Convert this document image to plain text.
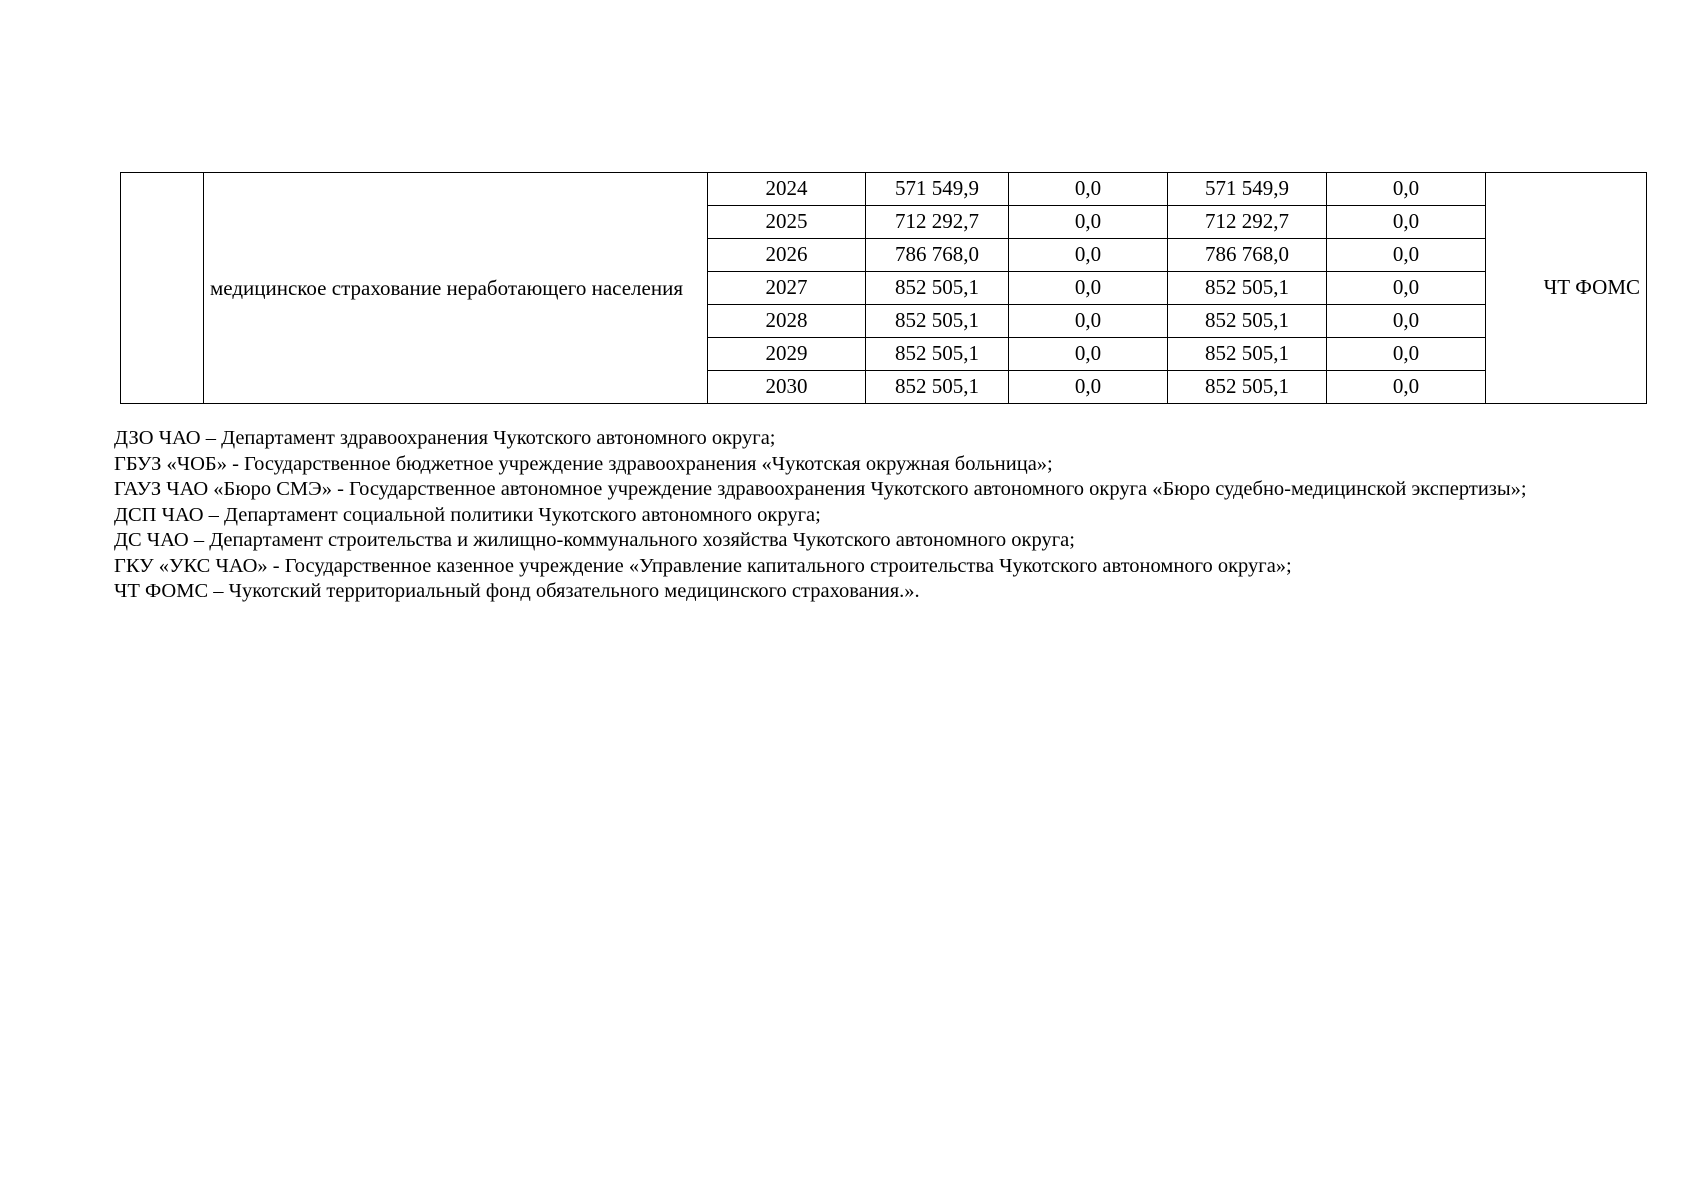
	медицинское страхование неработающего населения	2024	571 549,9	0,0	571 549,9	0,0	ЧТ ФОМС
		2025	712 292,7	0,0	712 292,7	0,0	
		2026	786 768,0	0,0	786 768,0	0,0	
		2027	852 505,1	0,0	852 505,1	0,0	
		2028	852 505,1	0,0	852 505,1	0,0	
		2029	852 505,1	0,0	852 505,1	0,0	
		2030	852 505,1	0,0	852 505,1	0,0	

ДЗО ЧАО – Департамент здравоохранения Чукотского автономного округа;

ГБУЗ «ЧОБ» - Государственное бюджетное учреждение здравоохранения «Чукотская окружная больница»;

ГАУЗ ЧАО «Бюро СМЭ» - Государственное автономное учреждение здравоохранения Чукотского автономного округа «Бюро судебно-медицинской экспертизы»;

ДСП ЧАО – Департамент социальной политики Чукотского автономного округа;

ДС ЧАО – Департамент строительства и жилищно-коммунального хозяйства Чукотского автономного округа;

ГКУ «УКС ЧАО» - Государственное казенное учреждение «Управление капитального строительства Чукотского автономного округа»;

ЧТ ФОМС – Чукотский территориальный фонд обязательного медицинского страхования.».
